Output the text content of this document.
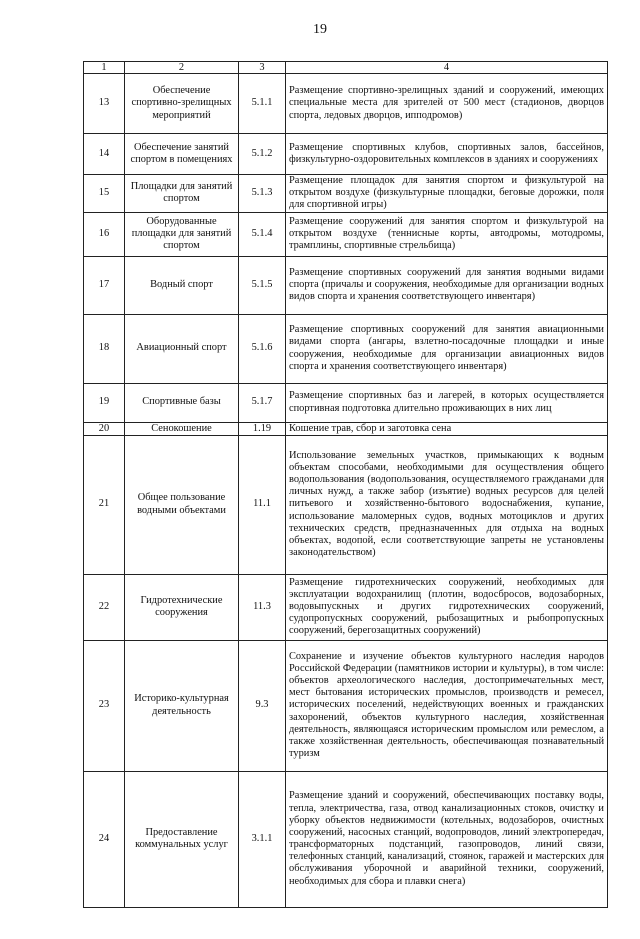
19
1	2	3	4
13	Обеспечение спортивно-зрелищных мероприятий	5.1.1	Размещение спортивно-зрелищных зданий и сооружений, имеющих специальные места для зрителей от 500 мест (стадионов, дворцов спорта, ледовых дворцов, ипподромов)
14	Обеспечение занятий спортом в помещениях	5.1.2	Размещение спортивных клубов, спортивных залов, бассейнов, физкультурно-оздоровительных комплексов в зданиях и сооружениях
15	Площадки для занятий спортом	5.1.3	Размещение площадок для занятия спортом и физкультурой на открытом воздухе (физкультурные площадки, беговые дорожки, поля для спортивной игры)
16	Оборудованные площадки для занятий спортом	5.1.4	Размещение сооружений для занятия спортом и физкультурой на открытом воздухе (теннисные корты, автодромы, мотодромы, трамплины, спортивные стрельбища)
17	Водный спорт	5.1.5	Размещение спортивных сооружений для занятия водными видами спорта (причалы и сооружения, необходимые для организации водных видов спорта и хранения соответствующего инвентаря)
18	Авиационный спорт	5.1.6	Размещение спортивных сооружений для занятия авиационными видами спорта (ангары, взлетно-посадочные площадки и иные сооружения, необходимые для организации авиационных видов спорта и хранения соответствующего инвентаря)
19	Спортивные базы	5.1.7	Размещение спортивных баз и лагерей, в которых осуществляется спортивная подготовка длительно проживающих в них лиц
20	Сенокошение	1.19	Кошение трав, сбор и заготовка сена
21	Общее пользование водными объектами	11.1	Использование земельных участков, примыкающих к водным объектам способами, необходимыми для осуществления общего водопользования (водопользования, осуществляемого гражданами для личных нужд, а также забор (изъятие) водных ресурсов для целей питьевого и хозяйственно-бытового водоснабжения, купание, использование маломерных судов, водных мотоциклов и других технических средств, предназначенных для отдыха на водных объектах, водопой, если соответствующие запреты не установлены законодательством)
22	Гидротехнические сооружения	11.3	Размещение гидротехнических сооружений, необходимых для эксплуатации водохранилищ (плотин, водосбросов, водозаборных, водовыпускных и других гидротехнических сооружений, судопропускных сооружений, рыбозащитных и рыбопропускных сооружений, берегозащитных сооружений)
23	Историко-культурная деятельность	9.3	Сохранение и изучение объектов культурного наследия народов Российской Федерации (памятников истории и культуры), в том числе: объектов археологического наследия, достопримечательных мест, мест бытования исторических промыслов, производств и ремесел, исторических поселений, недействующих военных и гражданских захоронений, объектов культурного наследия, хозяйственная деятельность, являющаяся историческим промыслом или ремеслом, а также хозяйственная деятельность, обеспечивающая познавательный туризм
24	Предоставление коммунальных услуг	3.1.1	Размещение зданий и сооружений, обеспечивающих поставку воды, тепла, электричества, газа, отвод канализационных стоков, очистку и уборку объектов недвижимости (котельных, водозаборов, очистных сооружений, насосных станций, водопроводов, линий электропередач, трансформаторных подстанций, газопроводов, линий связи, телефонных станций, канализаций, стоянок, гаражей и мастерских для обслуживания уборочной и аварийной техники, сооружений, необходимых для сбора и плавки снега)
